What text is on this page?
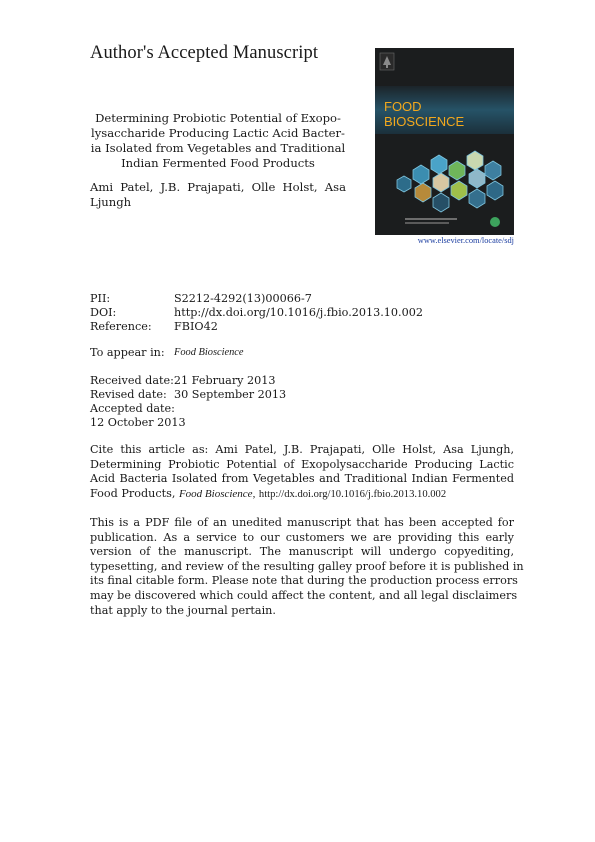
Author's Accepted Manuscript
Determining Probiotic Potential of Exopo-
lysaccharide Producing Lactic Acid Bacter-
ia Isolated from Vegetables and Traditional
Indian Fermented Food Products
Ami Patel, J.B. Prajapati, Olle Holst, Asa
Ljungh
FOOD
BIOSCIENCE
www.elsevier.com/locate/sdj
PII:	S2212-4292(13)00066-7
DOI:	http://dx.doi.org/10.1016/j.fbio.2013.10.002
Reference: FBIO42
To appear in: Food Bioscience
Received date:21 February 2013
Revised date: 30 September 2013
Accepted date:
12 October 2013
Cite this article as: Ami Patel, J.B. Prajapati, Olle Holst, Asa Ljungh,
Determining Probiotic Potential of Exopolysaccharide Producing Lactic
Acid Bacteria Isolated from Vegetables and Traditional Indian Fermented
Food Products, Food Bioscience, http://dx.doi.org/10.1016/j.fbio.2013.10.002
This is a PDF file of an unedited manuscript that has been accepted for
publication. As a service to our customers we are providing this early
version of the manuscript. The manuscript will undergo copyediting,
typesetting, and review of the resulting galley proof before it is published in
its final citable form. Please note that during the production process errors
may be discovered which could affect the content, and all legal disclaimers
that apply to the journal pertain.
